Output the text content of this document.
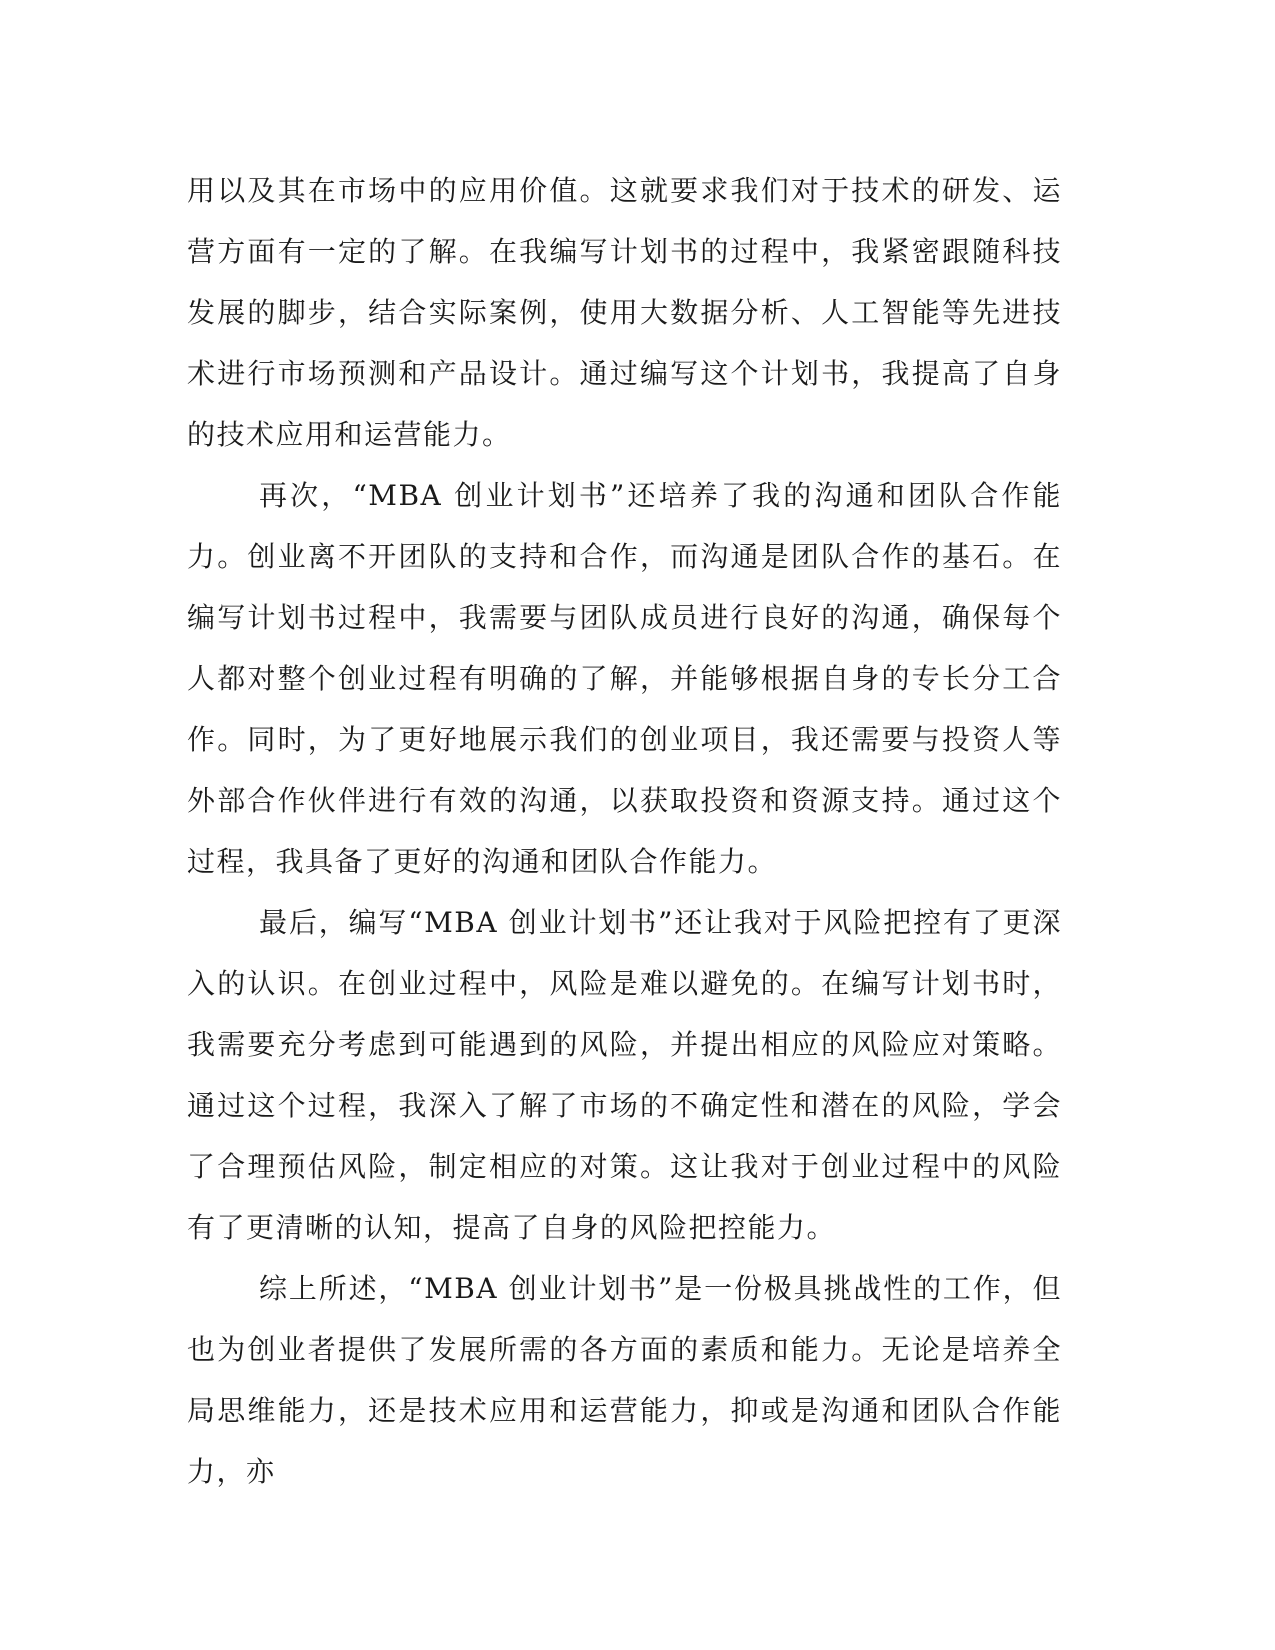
用以及其在市场中的应用价值。这就要求我们对于技术的研发、运营方面有一定的了解。在我编写计划书的过程中，我紧密跟随科技发展的脚步，结合实际案例，使用大数据分析、人工智能等先进技术进行市场预测和产品设计。通过编写这个计划书，我提高了自身的技术应用和运营能力。

再次，“MBA 创业计划书”还培养了我的沟通和团队合作能力。创业离不开团队的支持和合作，而沟通是团队合作的基石。在编写计划书过程中，我需要与团队成员进行良好的沟通，确保每个人都对整个创业过程有明确的了解，并能够根据自身的专长分工合作。同时，为了更好地展示我们的创业项目，我还需要与投资人等外部合作伙伴进行有效的沟通，以获取投资和资源支持。通过这个过程，我具备了更好的沟通和团队合作能力。

最后，编写“MBA 创业计划书”还让我对于风险把控有了更深入的认识。在创业过程中，风险是难以避免的。在编写计划书时，我需要充分考虑到可能遇到的风险，并提出相应的风险应对策略。通过这个过程，我深入了解了市场的不确定性和潜在的风险，学会了合理预估风险，制定相应的对策。这让我对于创业过程中的风险有了更清晰的认知，提高了自身的风险把控能力。

综上所述，“MBA 创业计划书”是一份极具挑战性的工作，但也为创业者提供了发展所需的各方面的素质和能力。无论是培养全局思维能力，还是技术应用和运营能力，抑或是沟通和团队合作能力，亦
